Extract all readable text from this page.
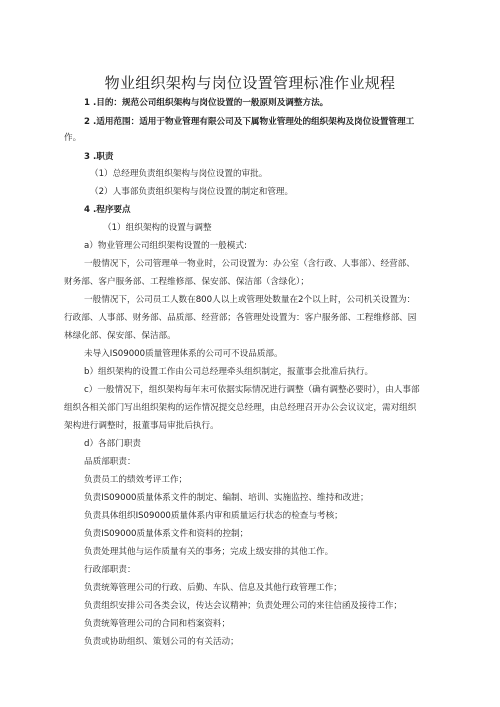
物业组织架构与岗位设置管理标准作业规程
1 .目的：规范公司组织架构与岗位设置的一般原则及调整方法。
2 .适用范围：适用于物业管理有限公司及下属物业管理处的组织架构及岗位设置管理工
作。
3 .职责
（1）总经理负责组织架构与岗位设置的审批。
（2）人事部负责组织架构与岗位设置的制定和管理。
4 .程序要点
（1）组织架构的设置与调整
a）物业管理公司组织架构设置的一般模式:
一般情况下，公司管理单一物业时，公司设置为：办公室（含行政、人事部）、经营部、
财务部、客户服务部、工程维修部、保安部、保洁部（含绿化）；
一般情况下，公司员工人数在800人以上或管理处数量在2个以上时，公司机关设置为：
行政部、人事部、财务部、品质部、经营部；各管理处设置为：客户服务部、工程维修部、园
林绿化部、保安部、保洁部。
未导入IS09000质量管理体系的公司可不设品质部。
b）组织架构的设置工作由公司总经理牵头组织制定，报董事会批准后执行。
c）一般情况下，组织架构每年末可依据实际情况进行调整（确有调整必要时），由人事部
组织各相关部门写出组织架构的运作情况提交总经理，由总经理召开办公会议议定，需对组织
架构进行调整时，报董事局审批后执行。
d）各部门职责
品质部职责：
负责员工的绩效考评工作；
负责IS09000质量体系文件的制定、编制、培训、实施监控、维持和改进；
负责具体组织IS09000质量体系内审和质量运行状态的检查与考核；
负责IS09000质量体系文件和资料的控制；
负责处理其他与运作质量有关的事务；完成上级安排的其他工作。
行政部职责：
负责统筹管理公司的行政、后勤、车队、信息及其他行政管理工作；
负责组织安排公司各类会议，传达会议精神；负责处理公司的来往信函及接待工作；
负责统筹管理公司的合同和档案资料；
负责或协助组织、策划公司的有关活动；
